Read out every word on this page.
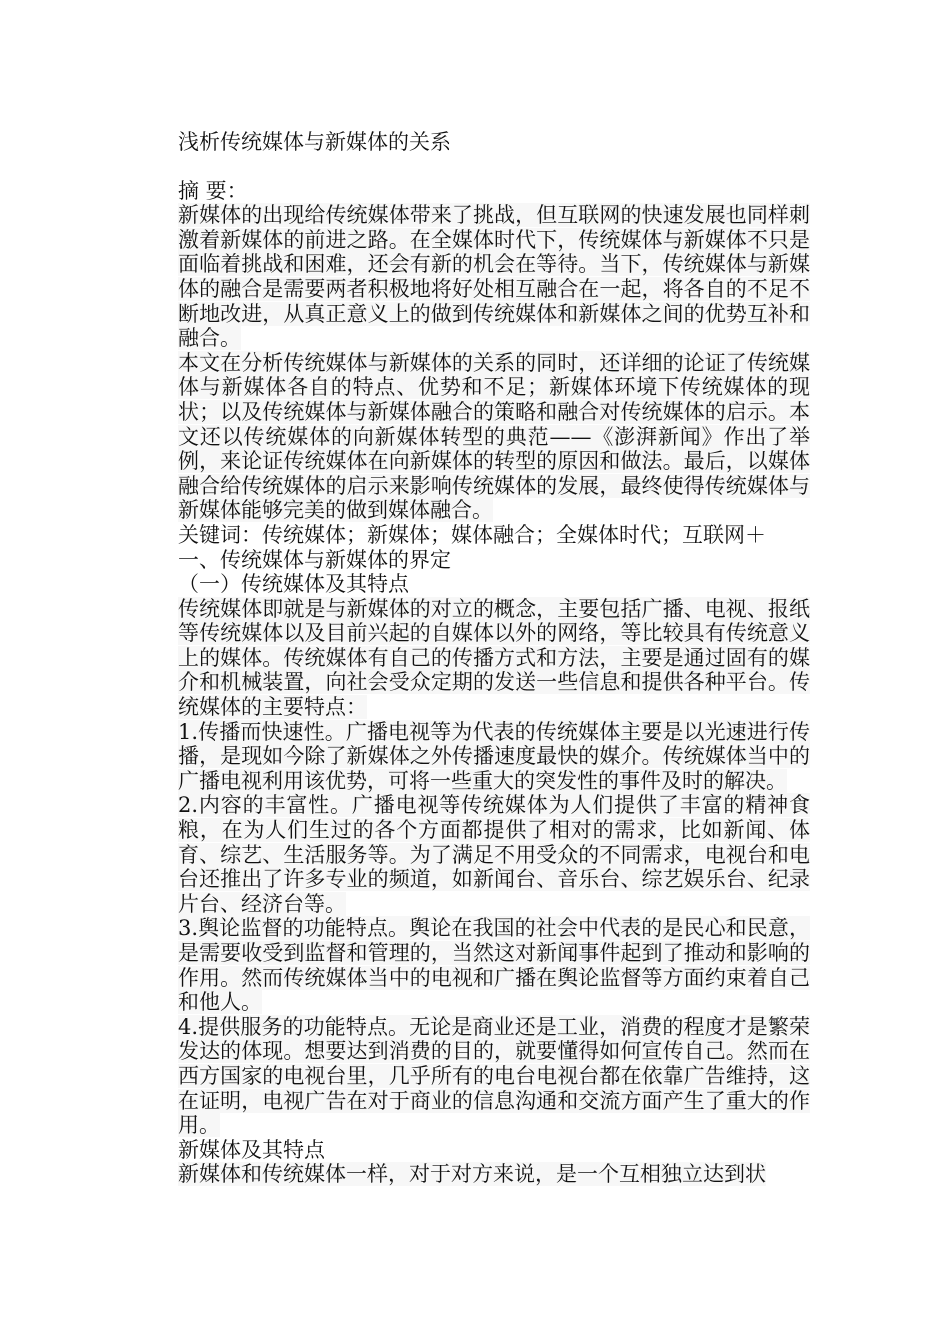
浅析传统媒体与新媒体的关系

摘 要：

新媒体的出现给传统媒体带来了挑战，但互联网的快速发展也同样刺激着新媒体的前进之路。在全媒体时代下，传统媒体与新媒体不只是面临着挑战和困难，还会有新的机会在等待。当下，传统媒体与新媒体的融合是需要两者积极地将好处相互融合在一起，将各自的不足不断地改进，从真正意义上的做到传统媒体和新媒体之间的优势互补和融合。

本文在分析传统媒体与新媒体的关系的同时，还详细的论证了传统媒体与新媒体各自的特点、优势和不足；新媒体环境下传统媒体的现状；以及传统媒体与新媒体融合的策略和融合对传统媒体的启示。本文还以传统媒体的向新媒体转型的典范——《澎湃新闻》作出了举例，来论证传统媒体在向新媒体的转型的原因和做法。最后，以媒体融合给传统媒体的启示来影响传统媒体的发展，最终使得传统媒体与新媒体能够完美的做到媒体融合。

关键词：传统媒体；新媒体；媒体融合；全媒体时代；互联网＋

一、传统媒体与新媒体的界定

（一）传统媒体及其特点

传统媒体即就是与新媒体的对立的概念，主要包括广播、电视、报纸等传统媒体以及目前兴起的自媒体以外的网络，等比较具有传统意义上的媒体。传统媒体有自己的传播方式和方法，主要是通过固有的媒介和机械装置，向社会受众定期的发送一些信息和提供各种平台。传统媒体的主要特点：

1.传播而快速性。广播电视等为代表的传统媒体主要是以光速进行传播，是现如今除了新媒体之外传播速度最快的媒介。传统媒体当中的广播电视利用该优势，可将一些重大的突发性的事件及时的解决。

2.内容的丰富性。广播电视等传统媒体为人们提供了丰富的精神食粮，在为人们生过的各个方面都提供了相对的需求，比如新闻、体育、综艺、生活服务等。为了满足不用受众的不同需求，电视台和电台还推出了许多专业的频道，如新闻台、音乐台、综艺娱乐台、纪录片台、经济台等。

3.舆论监督的功能特点。舆论在我国的社会中代表的是民心和民意，是需要收受到监督和管理的，当然这对新闻事件起到了推动和影响的作用。然而传统媒体当中的电视和广播在舆论监督等方面约束着自己和他人。

4.提供服务的功能特点。无论是商业还是工业，消费的程度才是繁荣发达的体现。想要达到消费的目的，就要懂得如何宣传自己。然而在西方国家的电视台里，几乎所有的电台电视台都在依靠广告维持，这在证明，电视广告在对于商业的信息沟通和交流方面产生了重大的作用。

新媒体及其特点

新媒体和传统媒体一样，对于对方来说，是一个互相独立达到状
